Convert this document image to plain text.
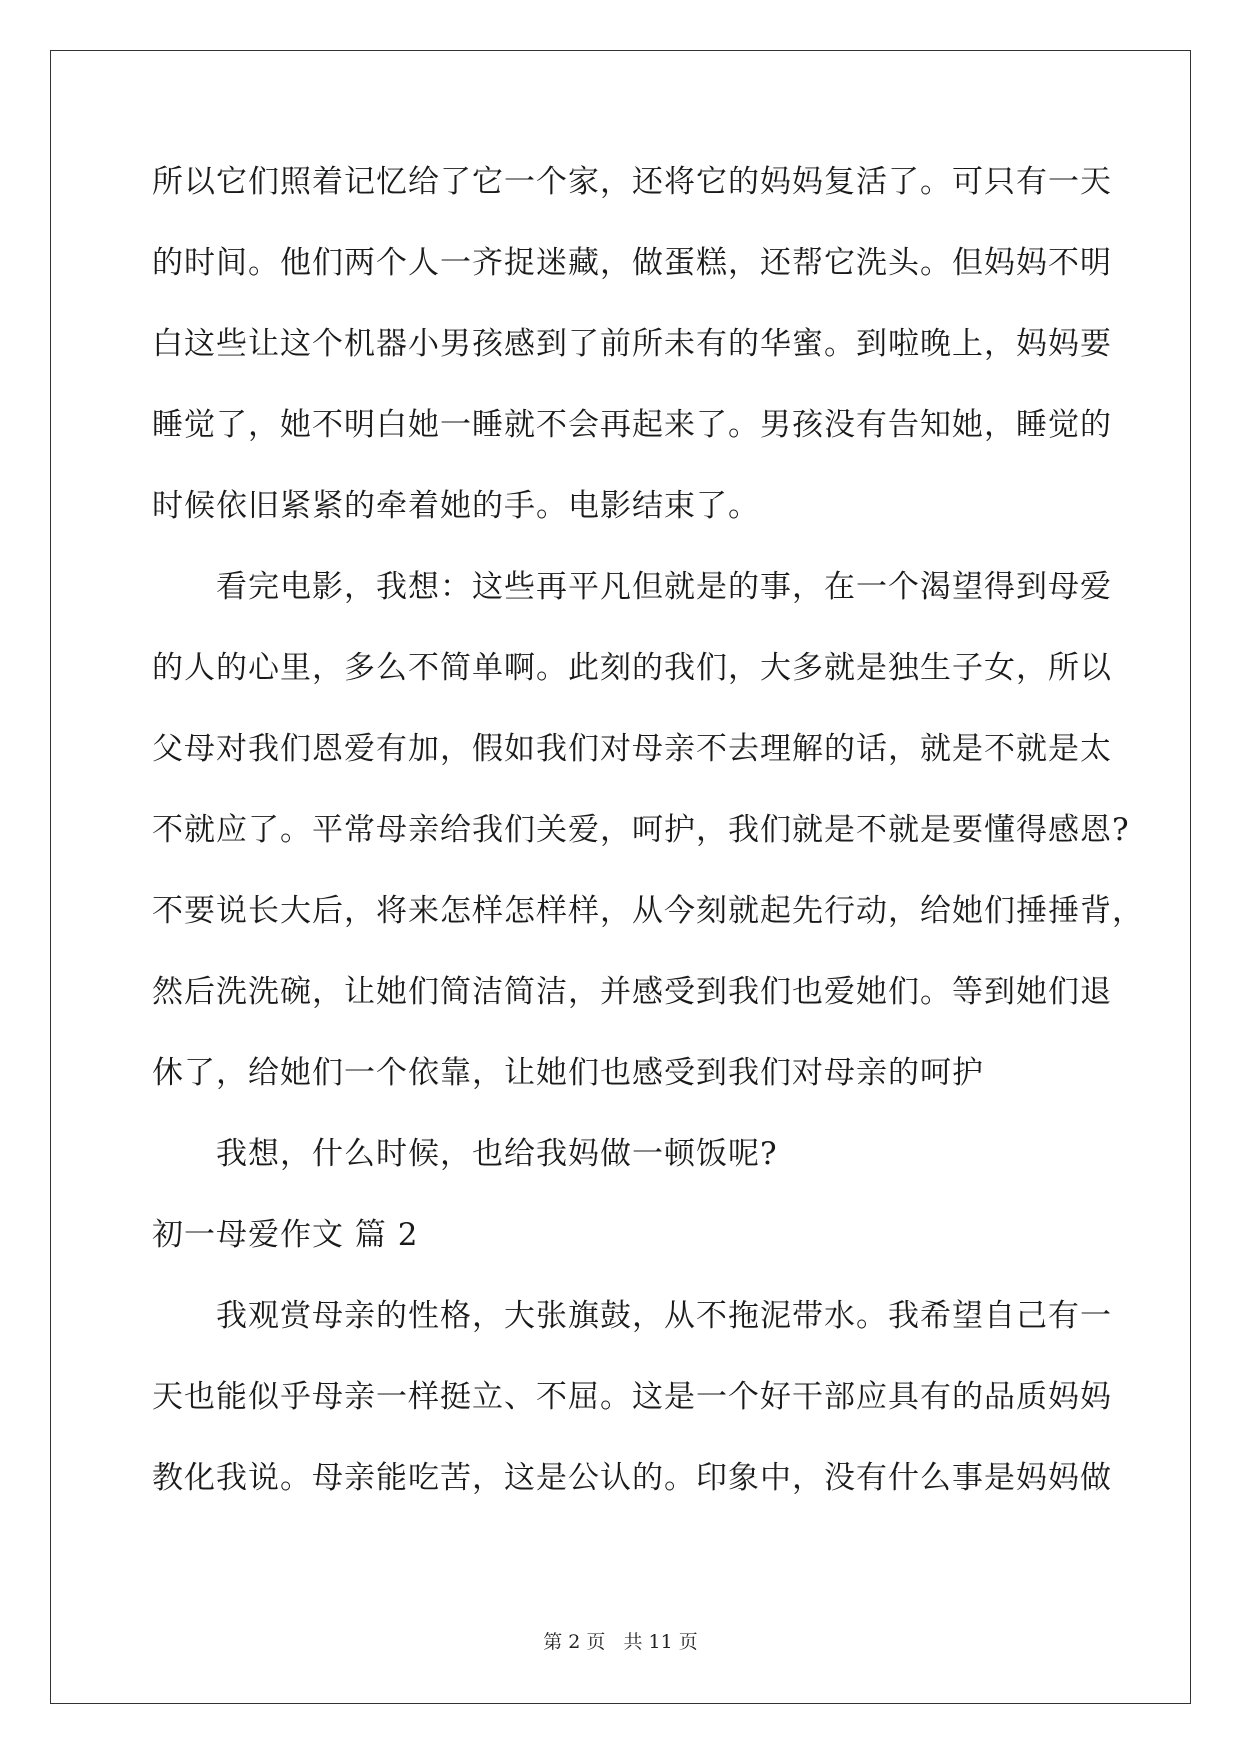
所以它们照着记忆给了它一个家，还将它的妈妈复活了。可只有一天
的时间。他们两个人一齐捉迷藏，做蛋糕，还帮它洗头。但妈妈不明
白这些让这个机器小男孩感到了前所未有的华蜜。到啦晚上，妈妈要
睡觉了，她不明白她一睡就不会再起来了。男孩没有告知她，睡觉的
时候依旧紧紧的牵着她的手。电影结束了。
看完电影，我想：这些再平凡但就是的事，在一个渴望得到母爱
的人的心里，多么不简单啊。此刻的我们，大多就是独生子女，所以
父母对我们恩爱有加，假如我们对母亲不去理解的话，就是不就是太
不就应了。平常母亲给我们关爱，呵护，我们就是不就是要懂得感恩?
不要说长大后，将来怎样怎样样，从今刻就起先行动，给她们捶捶背，
然后洗洗碗，让她们简洁简洁，并感受到我们也爱她们。等到她们退
休了，给她们一个依靠，让她们也感受到我们对母亲的呵护
我想，什么时候，也给我妈做一顿饭呢?
初一母爱作文 篇 2
我观赏母亲的性格，大张旗鼓，从不拖泥带水。我希望自己有一
天也能似乎母亲一样挺立、不屈。这是一个好干部应具有的品质妈妈
教化我说。母亲能吃苦，这是公认的。印象中，没有什么事是妈妈做
第 2 页 共 11 页
